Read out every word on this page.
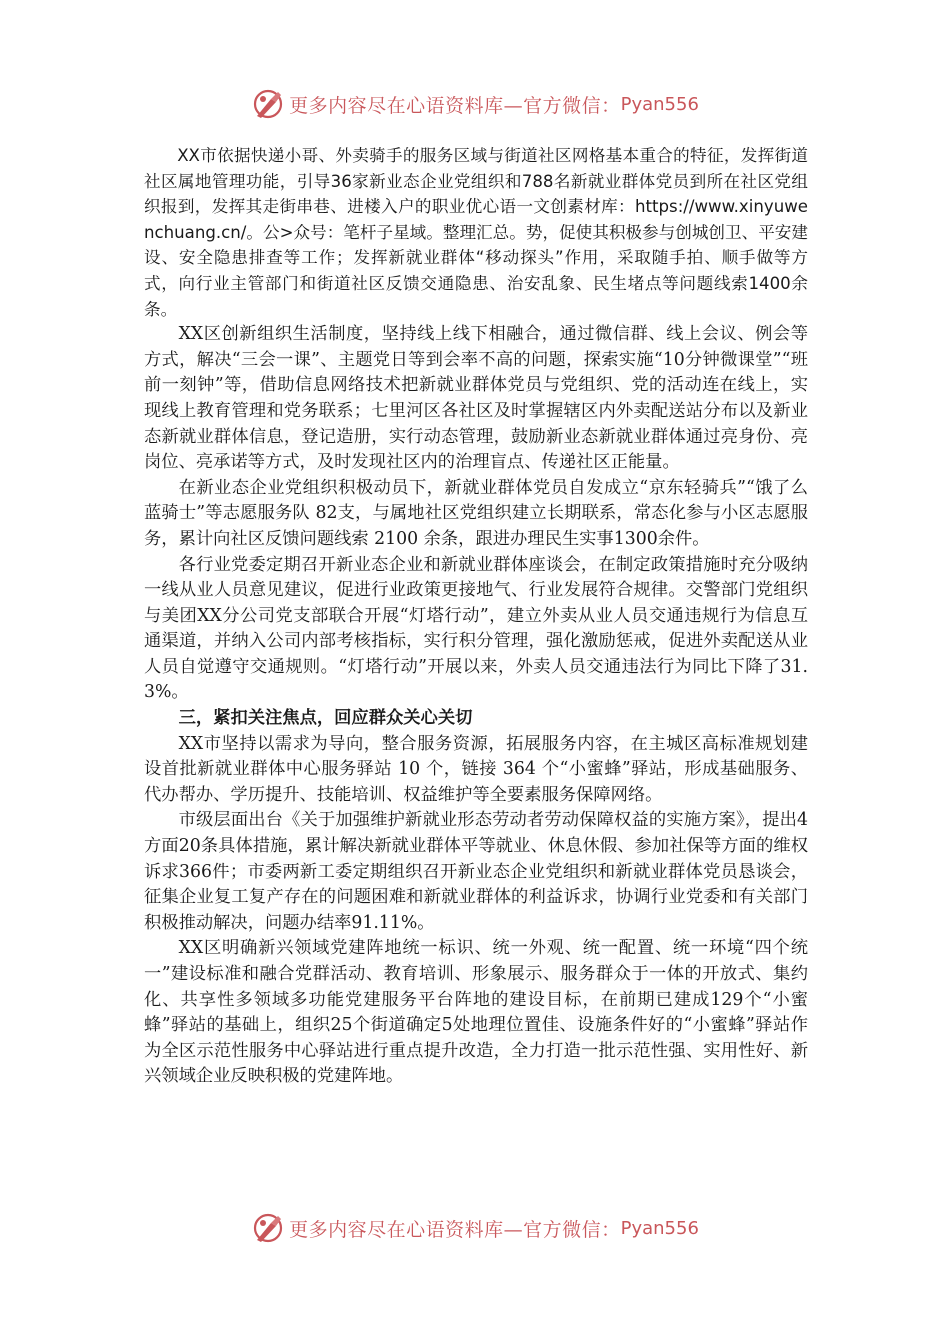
更多内容尽在心语资料库—官方微信： Pyan556

XX市依据快递小哥、外卖骑手的服务区域与街道社区网格基本重合的特征，发挥街道社区属地管理功能，引导36家新业态企业党组织和788名新就业群体党员到所在社区党组织报到，发挥其走街串巷、进楼入户的职业优心语一文创素材库：https://www.xinyuwenchuang.cn/。公>众号：笔杆子星域。整理汇总。势，促使其积极参与创城创卫、平安建设、安全隐患排查等工作；发挥新就业群体“移动探头”作用，采取随手拍、顺手做等方式，向行业主管部门和街道社区反馈交通隐患、治安乱象、民生堵点等问题线索1400余条。

XX区创新组织生活制度，坚持线上线下相融合，通过微信群、线上会议、例会等方式，解决“三会一课”、主题党日等到会率不高的问题，探索实施“10分钟微课堂”“班前一刻钟”等，借助信息网络技术把新就业群体党员与党组织、党的活动连在线上，实现线上教育管理和党务联系；七里河区各社区及时掌握辖区内外卖配送站分布以及新业态新就业群体信息，登记造册，实行动态管理，鼓励新业态新就业群体通过亮身份、亮岗位、亮承诺等方式，及时发现社区内的治理盲点、传递社区正能量。

在新业态企业党组织积极动员下，新就业群体党员自发成立“京东轻骑兵”“饿了么蓝骑士”等志愿服务队 82支，与属地社区党组织建立长期联系，常态化参与小区志愿服务，累计向社区反馈问题线索 2100 余条，跟进办理民生实事1300余件。

各行业党委定期召开新业态企业和新就业群体座谈会，在制定政策措施时充分吸纳一线从业人员意见建议，促进行业政策更接地气、行业发展符合规律。交警部门党组织与美团XX分公司党支部联合开展“灯塔行动”，建立外卖从业人员交通违规行为信息互通渠道，并纳入公司内部考核指标，实行积分管理，强化激励惩戒，促进外卖配送从业人员自觉遵守交通规则。“灯塔行动”开展以来，外卖人员交通违法行为同比下降了31.3%。

三，紧扣关注焦点，回应群众关心关切

XX市坚持以需求为导向，整合服务资源，拓展服务内容，在主城区高标准规划建设首批新就业群体中心服务驿站 10 个，链接 364 个“小蜜蜂”驿站，形成基础服务、代办帮办、学历提升、技能培训、权益维护等全要素服务保障网络。

市级层面出台《关于加强维护新就业形态劳动者劳动保障权益的实施方案》，提出4方面20条具体措施，累计解决新就业群体平等就业、休息休假、参加社保等方面的维权诉求366件；市委两新工委定期组织召开新业态企业党组织和新就业群体党员恳谈会，征集企业复工复产存在的问题困难和新就业群体的利益诉求，协调行业党委和有关部门积极推动解决，问题办结率91.11%。

XX区明确新兴领域党建阵地统一标识、统一外观、统一配置、统一环境“四个统一”建设标准和融合党群活动、教育培训、形象展示、服务群众于一体的开放式、集约化、共享性多领域多功能党建服务平台阵地的建设目标，在前期已建成129个“小蜜蜂”驿站的基础上，组织25个街道确定5处地理位置佳、设施条件好的“小蜜蜂”驿站作为全区示范性服务中心驿站进行重点提升改造，全力打造一批示范性强、实用性好、新兴领域企业反映积极的党建阵地。

更多内容尽在心语资料库—官方微信： Pyan556
